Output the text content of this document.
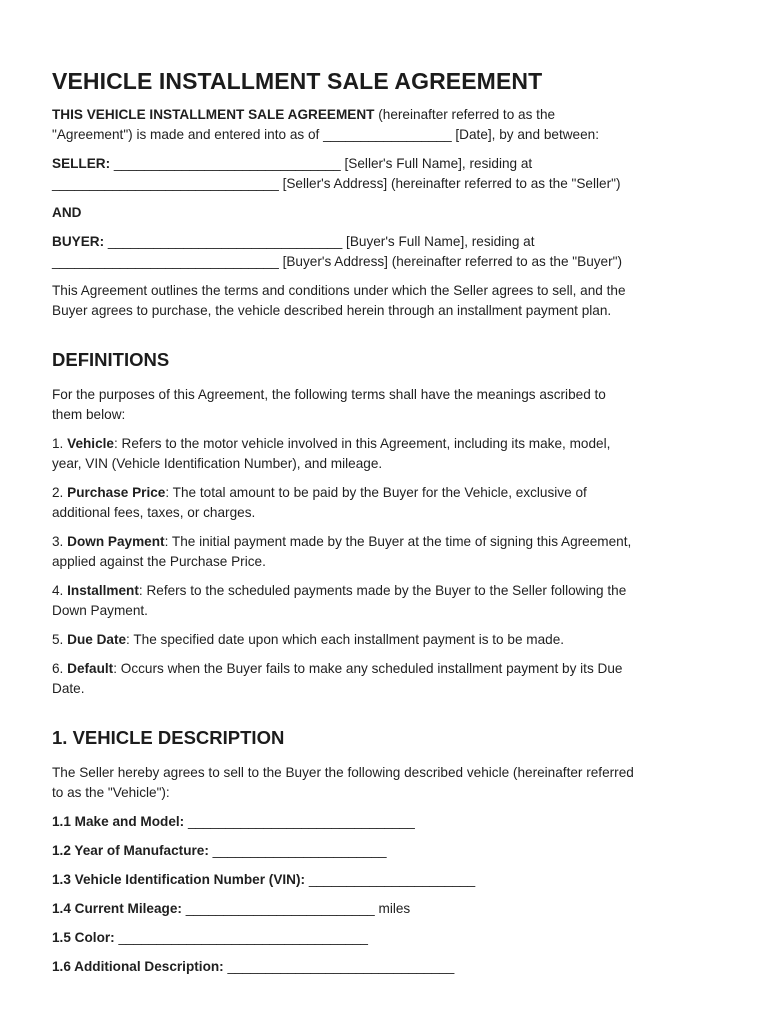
VEHICLE INSTALLMENT SALE AGREEMENT

THIS VEHICLE INSTALLMENT SALE AGREEMENT (hereinafter referred to as the
"Agreement") is made and entered into as of _________________ [Date], by and between:

SELLER: ______________________________ [Seller's Full Name], residing at
______________________________ [Seller's Address] (hereinafter referred to as the "Seller")

AND

BUYER: _______________________________ [Buyer's Full Name], residing at
______________________________ [Buyer's Address] (hereinafter referred to as the "Buyer")

This Agreement outlines the terms and conditions under which the Seller agrees to sell, and the
Buyer agrees to purchase, the vehicle described herein through an installment payment plan.

DEFINITIONS

For the purposes of this Agreement, the following terms shall have the meanings ascribed to
them below:

1. Vehicle: Refers to the motor vehicle involved in this Agreement, including its make, model,
year, VIN (Vehicle Identification Number), and mileage.

2. Purchase Price: The total amount to be paid by the Buyer for the Vehicle, exclusive of
additional fees, taxes, or charges.

3. Down Payment: The initial payment made by the Buyer at the time of signing this Agreement,
applied against the Purchase Price.

4. Installment: Refers to the scheduled payments made by the Buyer to the Seller following the
Down Payment.

5. Due Date: The specified date upon which each installment payment is to be made.

6. Default: Occurs when the Buyer fails to make any scheduled installment payment by its Due
Date.

1. VEHICLE DESCRIPTION

The Seller hereby agrees to sell to the Buyer the following described vehicle (hereinafter referred
to as the "Vehicle"):

1.1 Make and Model: ______________________________

1.2 Year of Manufacture: _______________________

1.3 Vehicle Identification Number (VIN): ______________________

1.4 Current Mileage: _________________________ miles

1.5 Color: _________________________________

1.6 Additional Description: ______________________________
